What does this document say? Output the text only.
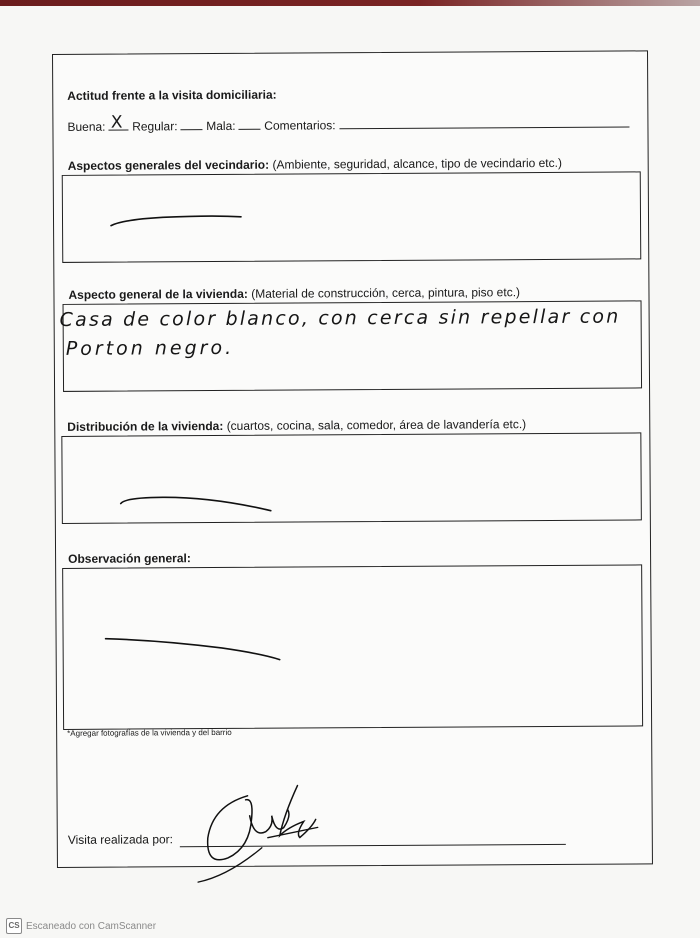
Actitud frente a la visita domiciliaria:
Buena: X Regular: Mala: Comentarios:
Aspectos generales del vecindario: (Ambiente, seguridad, alcance, tipo de vecindario etc.)
Aspecto general de la vivienda: (Material de construcción, cerca, pintura, piso etc.)
Casa de color blanco, con cerca sin repellar con
Porton negro.
Distribución de la vivienda: (cuartos, cocina, sala, comedor, área de lavandería etc.)
Observación general:
*Agregar fotografías de la vivienda y del barrio
Visita realizada por:
CS Escaneado con CamScanner
